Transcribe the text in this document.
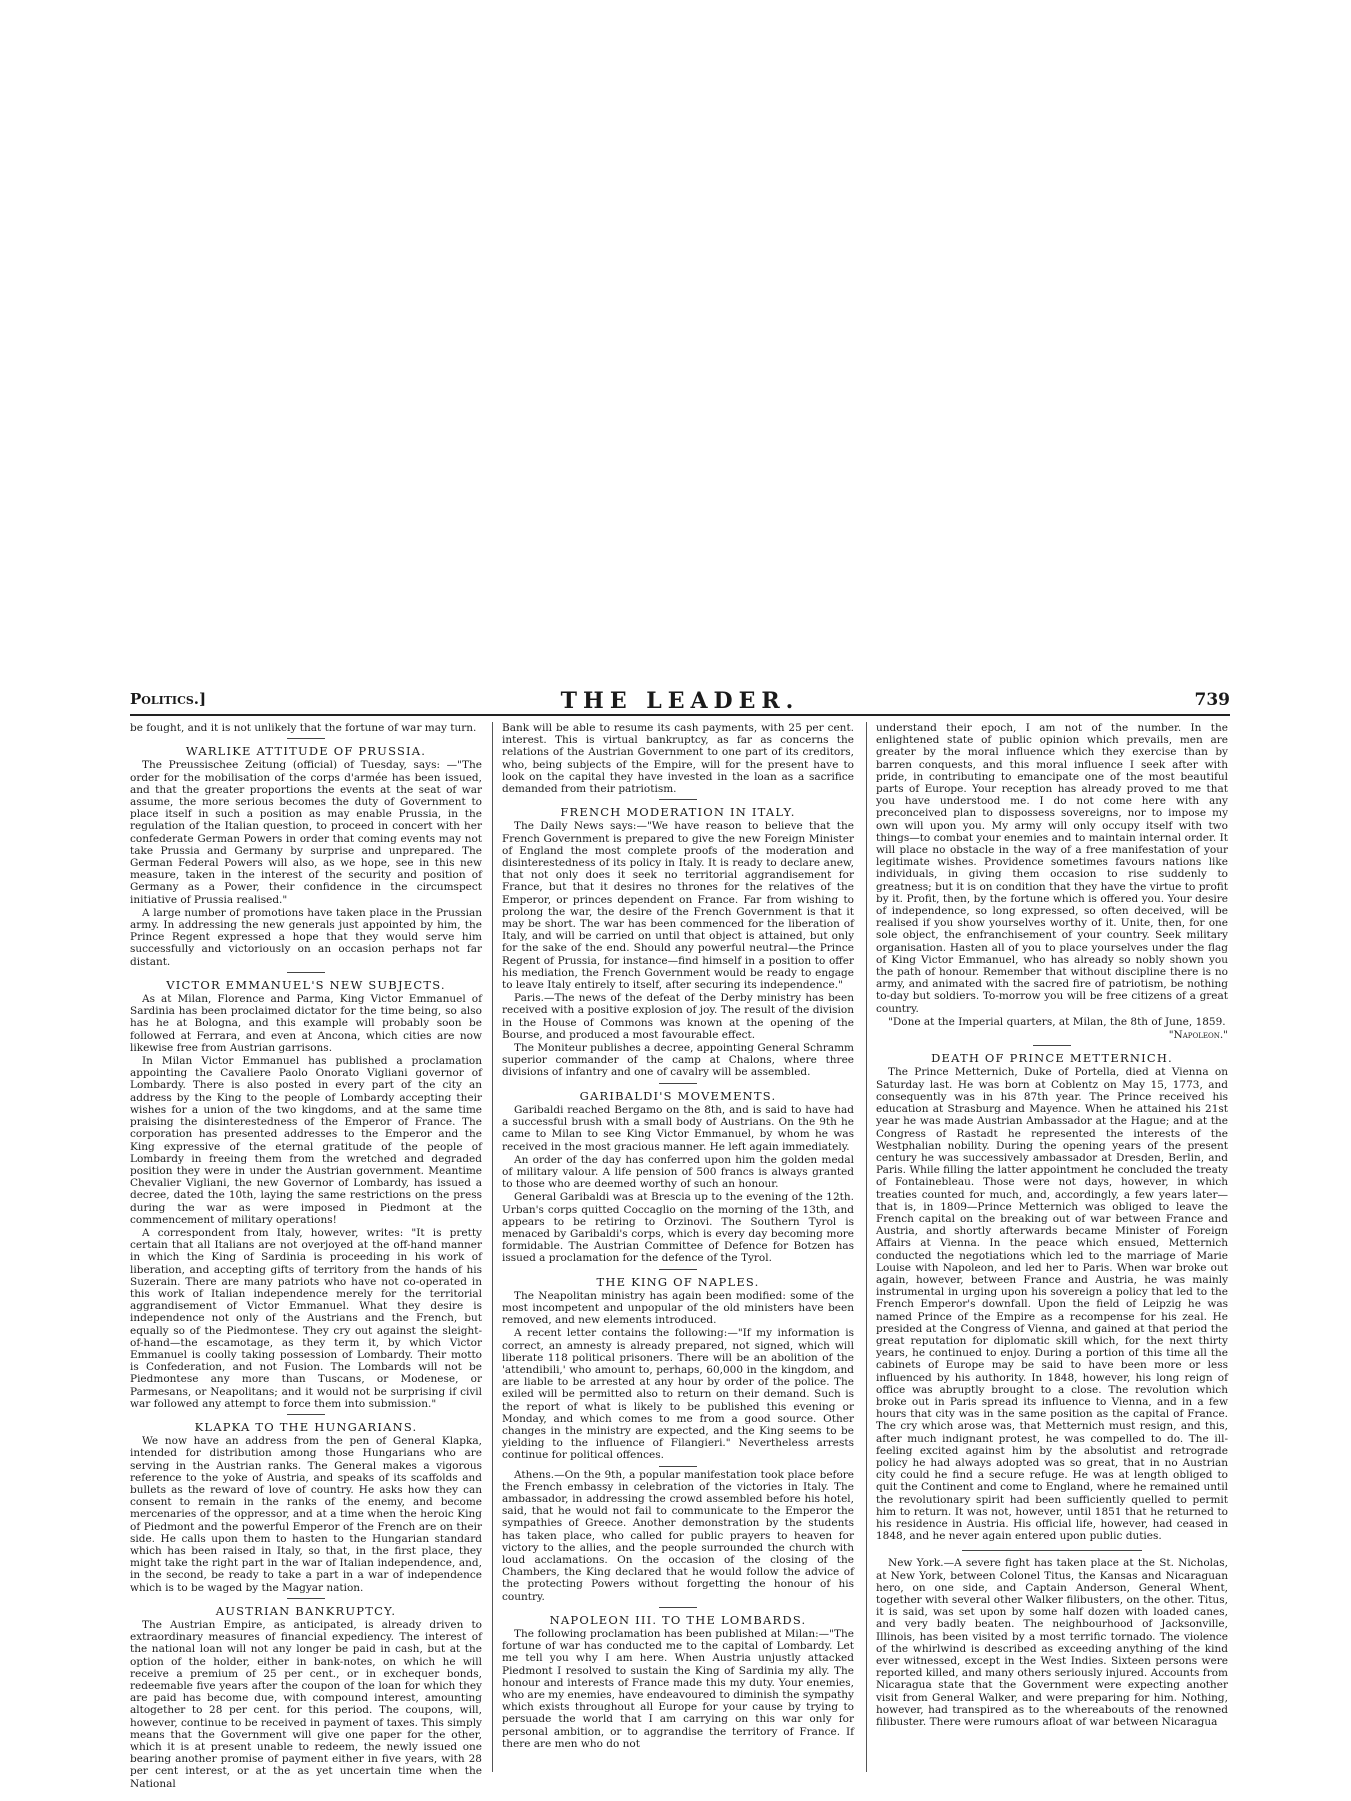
Politics.]	THE LEADER.	739

be fought, and it is not unlikely that the fortune of war may turn.

WARLIKE ATTITUDE OF PRUSSIA.

The Preussischee Zeitung (official) of Tuesday, says: —"The order for the mobilisation of the corps d'armée has been issued, and that the greater proportions the events at the seat of war assume, the more serious becomes the duty of Government to place itself in such a position as may enable Prussia, in the regulation of the Italian question, to proceed in concert with her confederate German Powers in order that coming events may not take Prussia and Germany by surprise and unprepared. The German Federal Powers will also, as we hope, see in this new measure, taken in the interest of the security and position of Germany as a Power, their confidence in the circumspect initiative of Prussia realised."

A large number of promotions have taken place in the Prussian army. In addressing the new generals just appointed by him, the Prince Regent expressed a hope that they would serve him successfully and victoriously on an occasion perhaps not far distant.

VICTOR EMMANUEL'S NEW SUBJECTS.

As at Milan, Florence and Parma, King Victor Emmanuel of Sardinia has been proclaimed dictator for the time being, so also has he at Bologna, and this example will probably soon be followed at Ferrara, and even at Ancona, which cities are now likewise free from Austrian garrisons.

In Milan Victor Emmanuel has published a proclamation appointing the Cavaliere Paolo Onorato Vigliani governor of Lombardy. There is also posted in every part of the city an address by the King to the people of Lombardy accepting their wishes for a union of the two kingdoms, and at the same time praising the disinterestedness of the Emperor of France. The corporation has presented addresses to the Emperor and the King expressive of the eternal gratitude of the people of Lombardy in freeing them from the wretched and degraded position they were in under the Austrian government. Meantime Chevalier Vigliani, the new Governor of Lombardy, has issued a decree, dated the 10th, laying the same restrictions on the press during the war as were imposed in Piedmont at the commencement of military operations!

A correspondent from Italy, however, writes: "It is pretty certain that all Italians are not overjoyed at the off-hand manner in which the King of Sardinia is proceeding in his work of liberation, and accepting gifts of territory from the hands of his Suzerain. There are many patriots who have not co-operated in this work of Italian independence merely for the territorial aggrandisement of Victor Emmanuel. What they desire is independence not only of the Austrians and the French, but equally so of the Piedmontese. They cry out against the sleight-of-hand—the escamotage, as they term it, by which Victor Emmanuel is coolly taking possession of Lombardy. Their motto is Confederation, and not Fusion. The Lombards will not be Piedmontese any more than Tuscans, or Modenese, or Parmesans, or Neapolitans; and it would not be surprising if civil war followed any attempt to force them into submission."

KLAPKA TO THE HUNGARIANS.

We now have an address from the pen of General Klapka, intended for distribution among those Hungarians who are serving in the Austrian ranks. The General makes a vigorous reference to the yoke of Austria, and speaks of its scaffolds and bullets as the reward of love of country. He asks how they can consent to remain in the ranks of the enemy, and become mercenaries of the oppressor, and at a time when the heroic King of Piedmont and the powerful Emperor of the French are on their side. He calls upon them to hasten to the Hungarian standard which has been raised in Italy, so that, in the first place, they might take the right part in the war of Italian independence, and, in the second, be ready to take a part in a war of independence which is to be waged by the Magyar nation.

AUSTRIAN BANKRUPTCY.

The Austrian Empire, as anticipated, is already driven to extraordinary measures of financial expediency. The interest of the national loan will not any longer be paid in cash, but at the option of the holder, either in bank-notes, on which he will receive a premium of 25 per cent., or in exchequer bonds, redeemable five years after the coupon of the loan for which they are paid has become due, with compound interest, amounting altogether to 28 per cent. for this period. The coupons, will, however, continue to be received in payment of taxes. This simply means that the Government will give one paper for the other, which it is at present unable to redeem, the newly issued one bearing another promise of payment either in five years, with 28 per cent interest, or at the as yet uncertain time when the National

Bank will be able to resume its cash payments, with 25 per cent. interest. This is virtual bankruptcy, as far as concerns the relations of the Austrian Government to one part of its creditors, who, being subjects of the Empire, will for the present have to look on the capital they have invested in the loan as a sacrifice demanded from their patriotism.

FRENCH MODERATION IN ITALY.

The Daily News says:—"We have reason to believe that the French Government is prepared to give the new Foreign Minister of England the most complete proofs of the moderation and disinterestedness of its policy in Italy. It is ready to declare anew, that not only does it seek no territorial aggrandisement for France, but that it desires no thrones for the relatives of the Emperor, or princes dependent on France. Far from wishing to prolong the war, the desire of the French Government is that it may be short. The war has been commenced for the liberation of Italy, and will be carried on until that object is attained, but only for the sake of the end. Should any powerful neutral—the Prince Regent of Prussia, for instance—find himself in a position to offer his mediation, the French Government would be ready to engage to leave Italy entirely to itself, after securing its independence."

Paris.—The news of the defeat of the Derby ministry has been received with a positive explosion of joy. The result of the division in the House of Commons was known at the opening of the Bourse, and produced a most favourable effect.

The Moniteur publishes a decree, appointing General Schramm superior commander of the camp at Chalons, where three divisions of infantry and one of cavalry will be assembled.

GARIBALDI'S MOVEMENTS.

Garibaldi reached Bergamo on the 8th, and is said to have had a successful brush with a small body of Austrians. On the 9th he came to Milan to see King Victor Emmanuel, by whom he was received in the most gracious manner. He left again immediately.

An order of the day has conferred upon him the golden medal of military valour. A life pension of 500 francs is always granted to those who are deemed worthy of such an honour.

General Garibaldi was at Brescia up to the evening of the 12th. Urban's corps quitted Coccaglio on the morning of the 13th, and appears to be retiring to Orzinovi. The Southern Tyrol is menaced by Garibaldi's corps, which is every day becoming more formidable. The Austrian Committee of Defence for Botzen has issued a proclamation for the defence of the Tyrol.

THE KING OF NAPLES.

The Neapolitan ministry has again been modified: some of the most incompetent and unpopular of the old ministers have been removed, and new elements introduced.

A recent letter contains the following:—"If my information is correct, an amnesty is already prepared, not signed, which will liberate 118 political prisoners. There will be an abolition of the 'attendibili,' who amount to, perhaps, 60,000 in the kingdom, and are liable to be arrested at any hour by order of the police. The exiled will be permitted also to return on their demand. Such is the report of what is likely to be published this evening or Monday, and which comes to me from a good source. Other changes in the ministry are expected, and the King seems to be yielding to the influence of Filangieri." Nevertheless arrests continue for political offences.

Athens.—On the 9th, a popular manifestation took place before the French embassy in celebration of the victories in Italy. The ambassador, in addressing the crowd assembled before his hotel, said, that he would not fail to communicate to the Emperor the sympathies of Greece. Another demonstration by the students has taken place, who called for public prayers to heaven for victory to the allies, and the people surrounded the church with loud acclamations. On the occasion of the closing of the Chambers, the King declared that he would follow the advice of the protecting Powers without forgetting the honour of his country.

NAPOLEON III. TO THE LOMBARDS.

The following proclamation has been published at Milan:—"The fortune of war has conducted me to the capital of Lombardy. Let me tell you why I am here. When Austria unjustly attacked Piedmont I resolved to sustain the King of Sardinia my ally. The honour and interests of France made this my duty. Your enemies, who are my enemies, have endeavoured to diminish the sympathy which exists throughout all Europe for your cause by trying to persuade the world that I am carrying on this war only for personal ambition, or to aggrandise the territory of France. If there are men who do not

understand their epoch, I am not of the number. In the enlightened state of public opinion which prevails, men are greater by the moral influence which they exercise than by barren conquests, and this moral influence I seek after with pride, in contributing to emancipate one of the most beautiful parts of Europe. Your reception has already proved to me that you have understood me. I do not come here with any preconceived plan to dispossess sovereigns, nor to impose my own will upon you. My army will only occupy itself with two things—to combat your enemies and to maintain internal order. It will place no obstacle in the way of a free manifestation of your legitimate wishes. Providence sometimes favours nations like individuals, in giving them occasion to rise suddenly to greatness; but it is on condition that they have the virtue to profit by it. Profit, then, by the fortune which is offered you. Your desire of independence, so long expressed, so often deceived, will be realised if you show yourselves worthy of it. Unite, then, for one sole object, the enfranchisement of your country. Seek military organisation. Hasten all of you to place yourselves under the flag of King Victor Emmanuel, who has already so nobly shown you the path of honour. Remember that without discipline there is no army, and animated with the sacred fire of patriotism, be nothing to-day but soldiers. To-morrow you will be free citizens of a great country.

"Done at the Imperial quarters, at Milan, the 8th of June, 1859.

"Napoleon."

DEATH OF PRINCE METTERNICH.

The Prince Metternich, Duke of Portella, died at Vienna on Saturday last. He was born at Coblentz on May 15, 1773, and consequently was in his 87th year. The Prince received his education at Strasburg and Mayence. When he attained his 21st year he was made Austrian Ambassador at the Hague; and at the Congress of Rastadt he represented the interests of the Westphalian nobility. During the opening years of the present century he was successively ambassador at Dresden, Berlin, and Paris. While filling the latter appointment he concluded the treaty of Fontainebleau. Those were not days, however, in which treaties counted for much, and, accordingly, a few years later—that is, in 1809—Prince Metternich was obliged to leave the French capital on the breaking out of war between France and Austria, and shortly afterwards became Minister of Foreign Affairs at Vienna. In the peace which ensued, Metternich conducted the negotiations which led to the marriage of Marie Louise with Napoleon, and led her to Paris. When war broke out again, however, between France and Austria, he was mainly instrumental in urging upon his sovereign a policy that led to the French Emperor's downfall. Upon the field of Leipzig he was named Prince of the Empire as a recompense for his zeal. He presided at the Congress of Vienna, and gained at that period the great reputation for diplomatic skill which, for the next thirty years, he continued to enjoy. During a portion of this time all the cabinets of Europe may be said to have been more or less influenced by his authority. In 1848, however, his long reign of office was abruptly brought to a close. The revolution which broke out in Paris spread its influence to Vienna, and in a few hours that city was in the same position as the capital of France. The cry which arose was, that Metternich must resign, and this, after much indignant protest, he was compelled to do. The ill-feeling excited against him by the absolutist and retrograde policy he had always adopted was so great, that in no Austrian city could he find a secure refuge. He was at length obliged to quit the Continent and come to England, where he remained until the revolutionary spirit had been sufficiently quelled to permit him to return. It was not, however, until 1851 that he returned to his residence in Austria. His official life, however, had ceased in 1848, and he never again entered upon public duties.

New York.—A severe fight has taken place at the St. Nicholas, at New York, between Colonel Titus, the Kansas and Nicaraguan hero, on one side, and Captain Anderson, General Whent, together with several other Walker filibusters, on the other. Titus, it is said, was set upon by some half dozen with loaded canes, and very badly beaten. The neighbourhood of Jacksonville, Illinois, has been visited by a most terrific tornado. The violence of the whirlwind is described as exceeding anything of the kind ever witnessed, except in the West Indies. Sixteen persons were reported killed, and many others seriously injured. Accounts from Nicaragua state that the Government were expecting another visit from General Walker, and were preparing for him. Nothing, however, had transpired as to the whereabouts of the renowned filibuster. There were rumours afloat of war between Nicaragua
